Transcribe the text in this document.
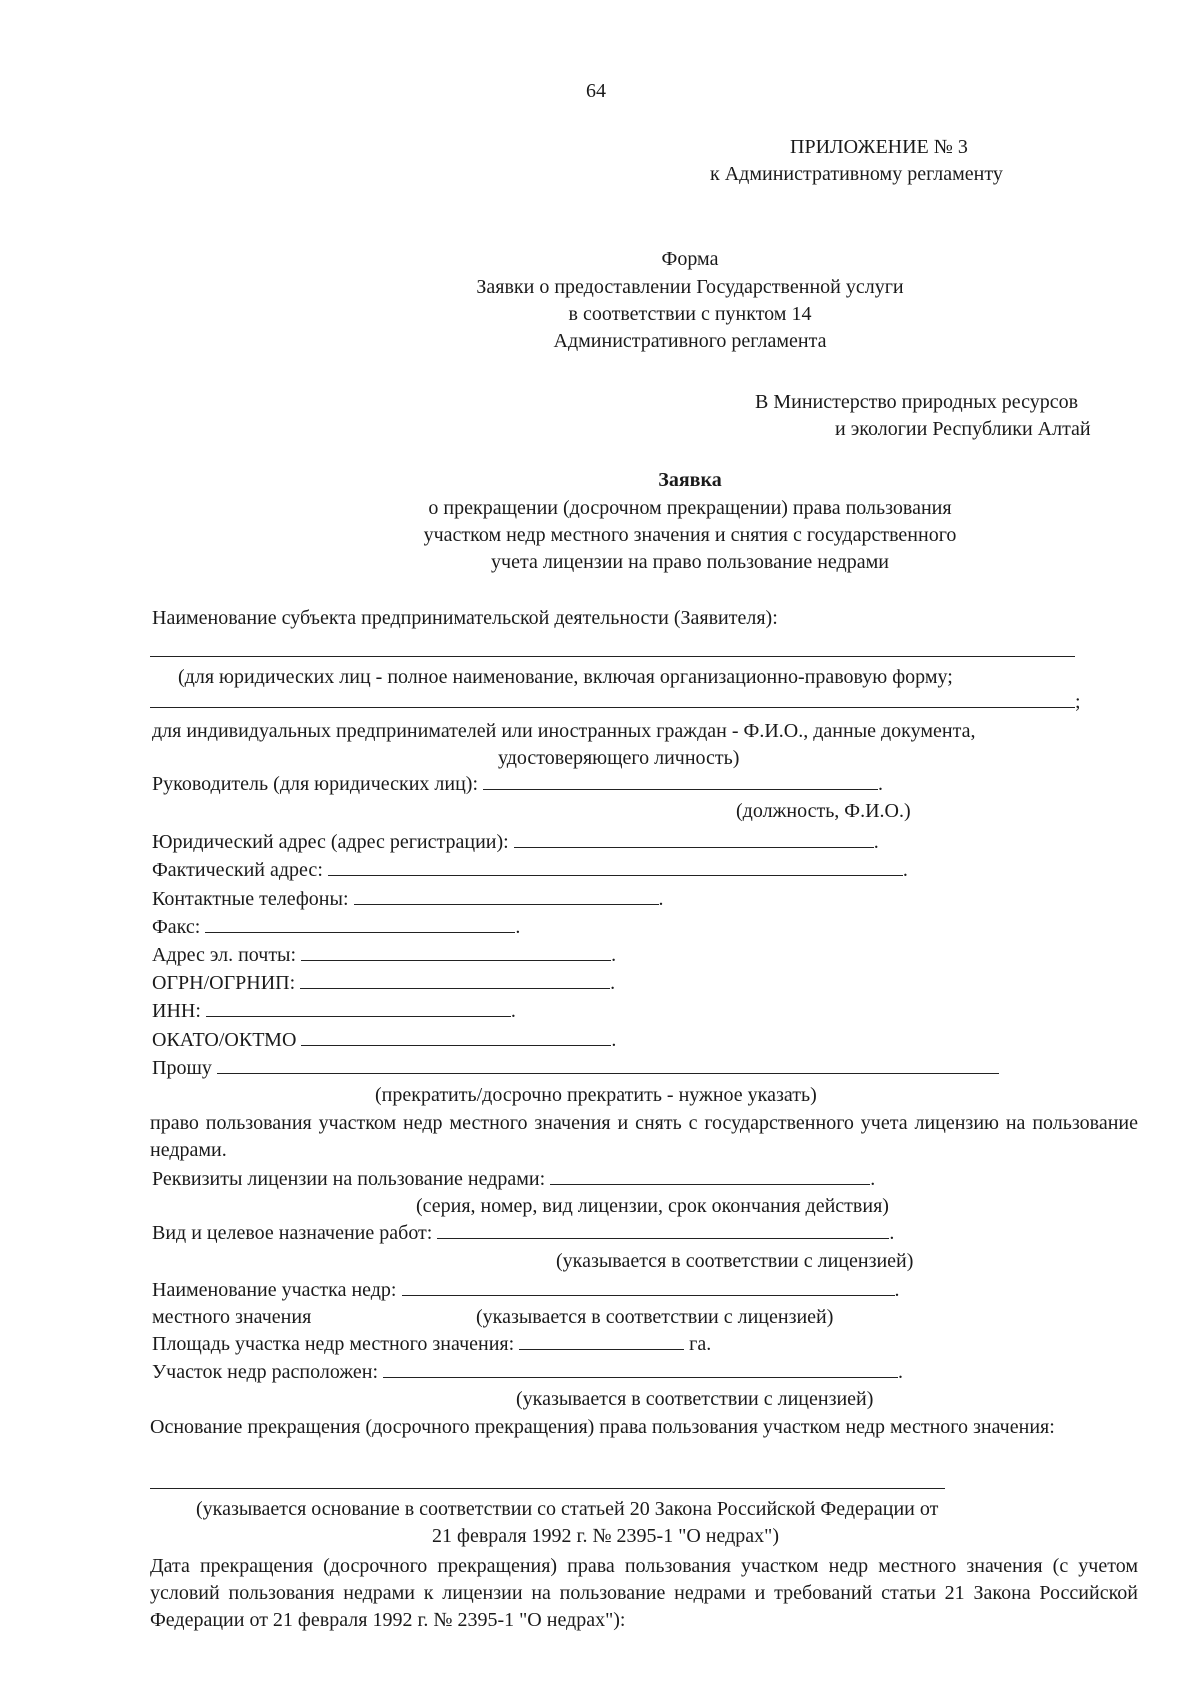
64
ПРИЛОЖЕНИЕ № 3
к Административному регламенту
Форма
Заявки о предоставлении Государственной услуги
в соответствии с пунктом 14
Административного регламента
В Министерство природных ресурсов
и экологии Республики Алтай
Заявка
о прекращении (досрочном прекращении) права пользования
участком недр местного значения и снятия с государственного
учета лицензии на право пользование недрами
Наименование субъекта предпринимательской деятельности (Заявителя):
(для юридических лиц - полное наименование, включая организационно-правовую форму;
;
для индивидуальных предпринимателей или иностранных граждан - Ф.И.О., данные документа,
удостоверяющего личность)
Руководитель (для юридических лиц):	.
(должность, Ф.И.О.)
Юридический адрес (адрес регистрации):	.
Фактический адрес:	.
Контактные телефоны:	.
Факс:	.
Адрес эл. почты:	.
ОГРН/ОГРНИП:	.
ИНН:	.
ОКАТО/ОКТМО	.
Прошу
(прекратить/досрочно прекратить - нужное указать)
право пользования участком недр местного значения и снять с государственного учета лицензию на пользование недрами.
Реквизиты лицензии на пользование недрами:	.
(серия, номер, вид лицензии, срок окончания действия)
Вид и целевое назначение работ:	.
(указывается в соответствии с лицензией)
Наименование участка недр:	.
местного значения	(указывается в соответствии с лицензией)
Площадь участка недр местного значения:	га.
Участок недр расположен:	.
(указывается в соответствии с лицензией)
Основание прекращения (досрочного прекращения) права пользования участком недр местного значения:
(указывается основание в соответствии со статьей 20 Закона Российской Федерации от
21 февраля 1992 г. № 2395-1 "О недрах")
Дата прекращения (досрочного прекращения) права пользования участком недр местного значения (с учетом условий пользования недрами к лицензии на пользование недрами и требований статьи 21 Закона Российской Федерации от 21 февраля 1992 г. № 2395-1 "О недрах"):
